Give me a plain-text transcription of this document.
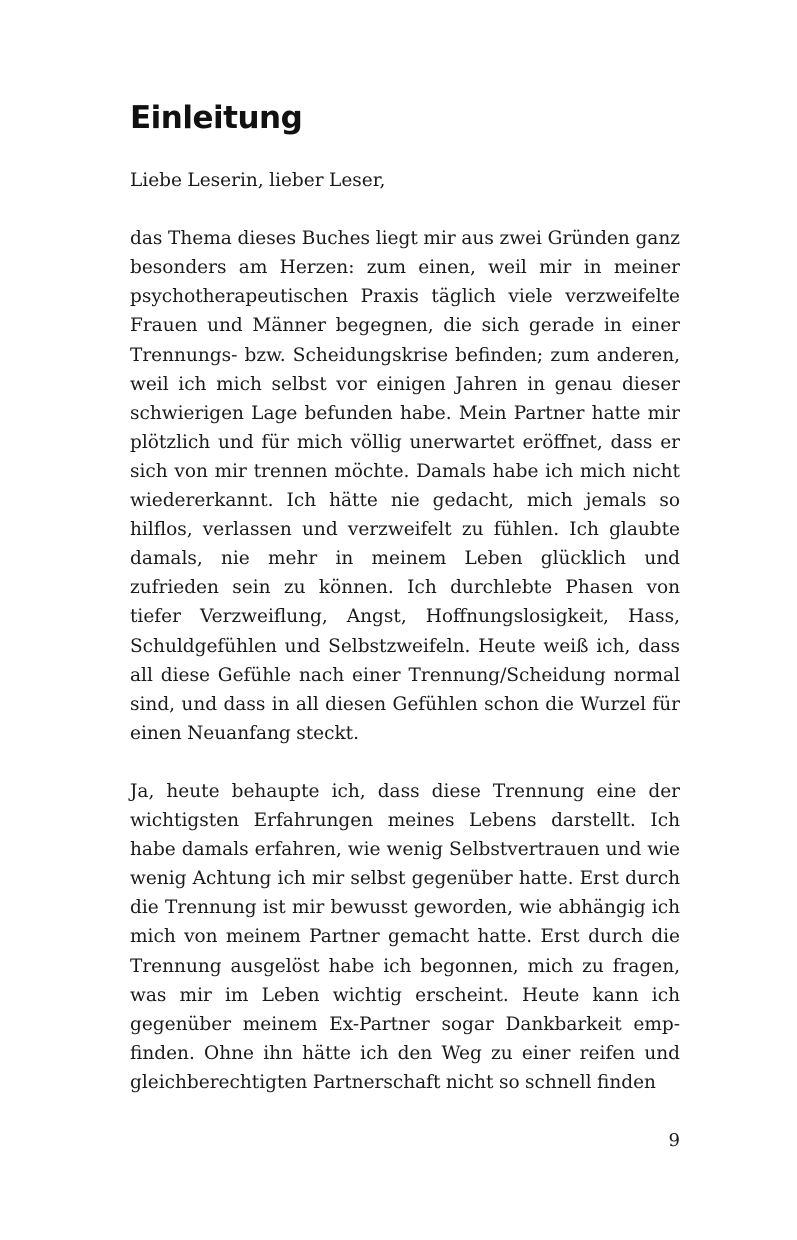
Einleitung

Liebe Leserin, lieber Leser,

das Thema dieses Buches liegt mir aus zwei Gründen ganz besonders am Herzen: zum einen, weil mir in meiner psychotherapeutischen Praxis täglich viele verzweifelte Frauen und Männer begegnen, die sich gerade in einer Trennungs- bzw. Scheidungskrise befinden; zum anderen, weil ich mich selbst vor einigen Jahren in genau dieser schwierigen Lage befunden habe. Mein Partner hatte mir plötzlich und für mich völlig unerwartet eröffnet, dass er sich von mir trennen möchte. Damals habe ich mich nicht wiedererkannt. Ich hätte nie gedacht, mich jemals so hilflos, verlassen und verzweifelt zu fühlen. Ich glaubte damals, nie mehr in meinem Leben glücklich und zufrieden sein zu können. Ich durchlebte Phasen von tiefer Verzweiflung, Angst, Hoffnungslosigkeit, Hass, Schuldgefühlen und Selbstzweifeln. Heute weiß ich, dass all diese Gefühle nach einer Trennung/​Scheidung normal sind, und dass in all diesen Gefühlen schon die Wurzel für einen Neuanfang steckt.

Ja, heute behaupte ich, dass diese Trennung eine der wichtigsten Erfahrungen meines Lebens darstellt. Ich habe damals erfahren, wie wenig Selbstvertrauen und wie wenig Achtung ich mir selbst gegenüber hatte. Erst durch die Trennung ist mir bewusst geworden, wie abhängig ich mich von meinem Partner gemacht hatte. Erst durch die Trennung ausgelöst habe ich begonnen, mich zu fragen, was mir im Leben wichtig erscheint. Heute kann ich gegenüber meinem Ex-Partner sogar Dankbarkeit empfinden. Ohne ihn hätte ich den Weg zu einer reifen und gleichberechtigten Partnerschaft nicht so schnell finden

9
